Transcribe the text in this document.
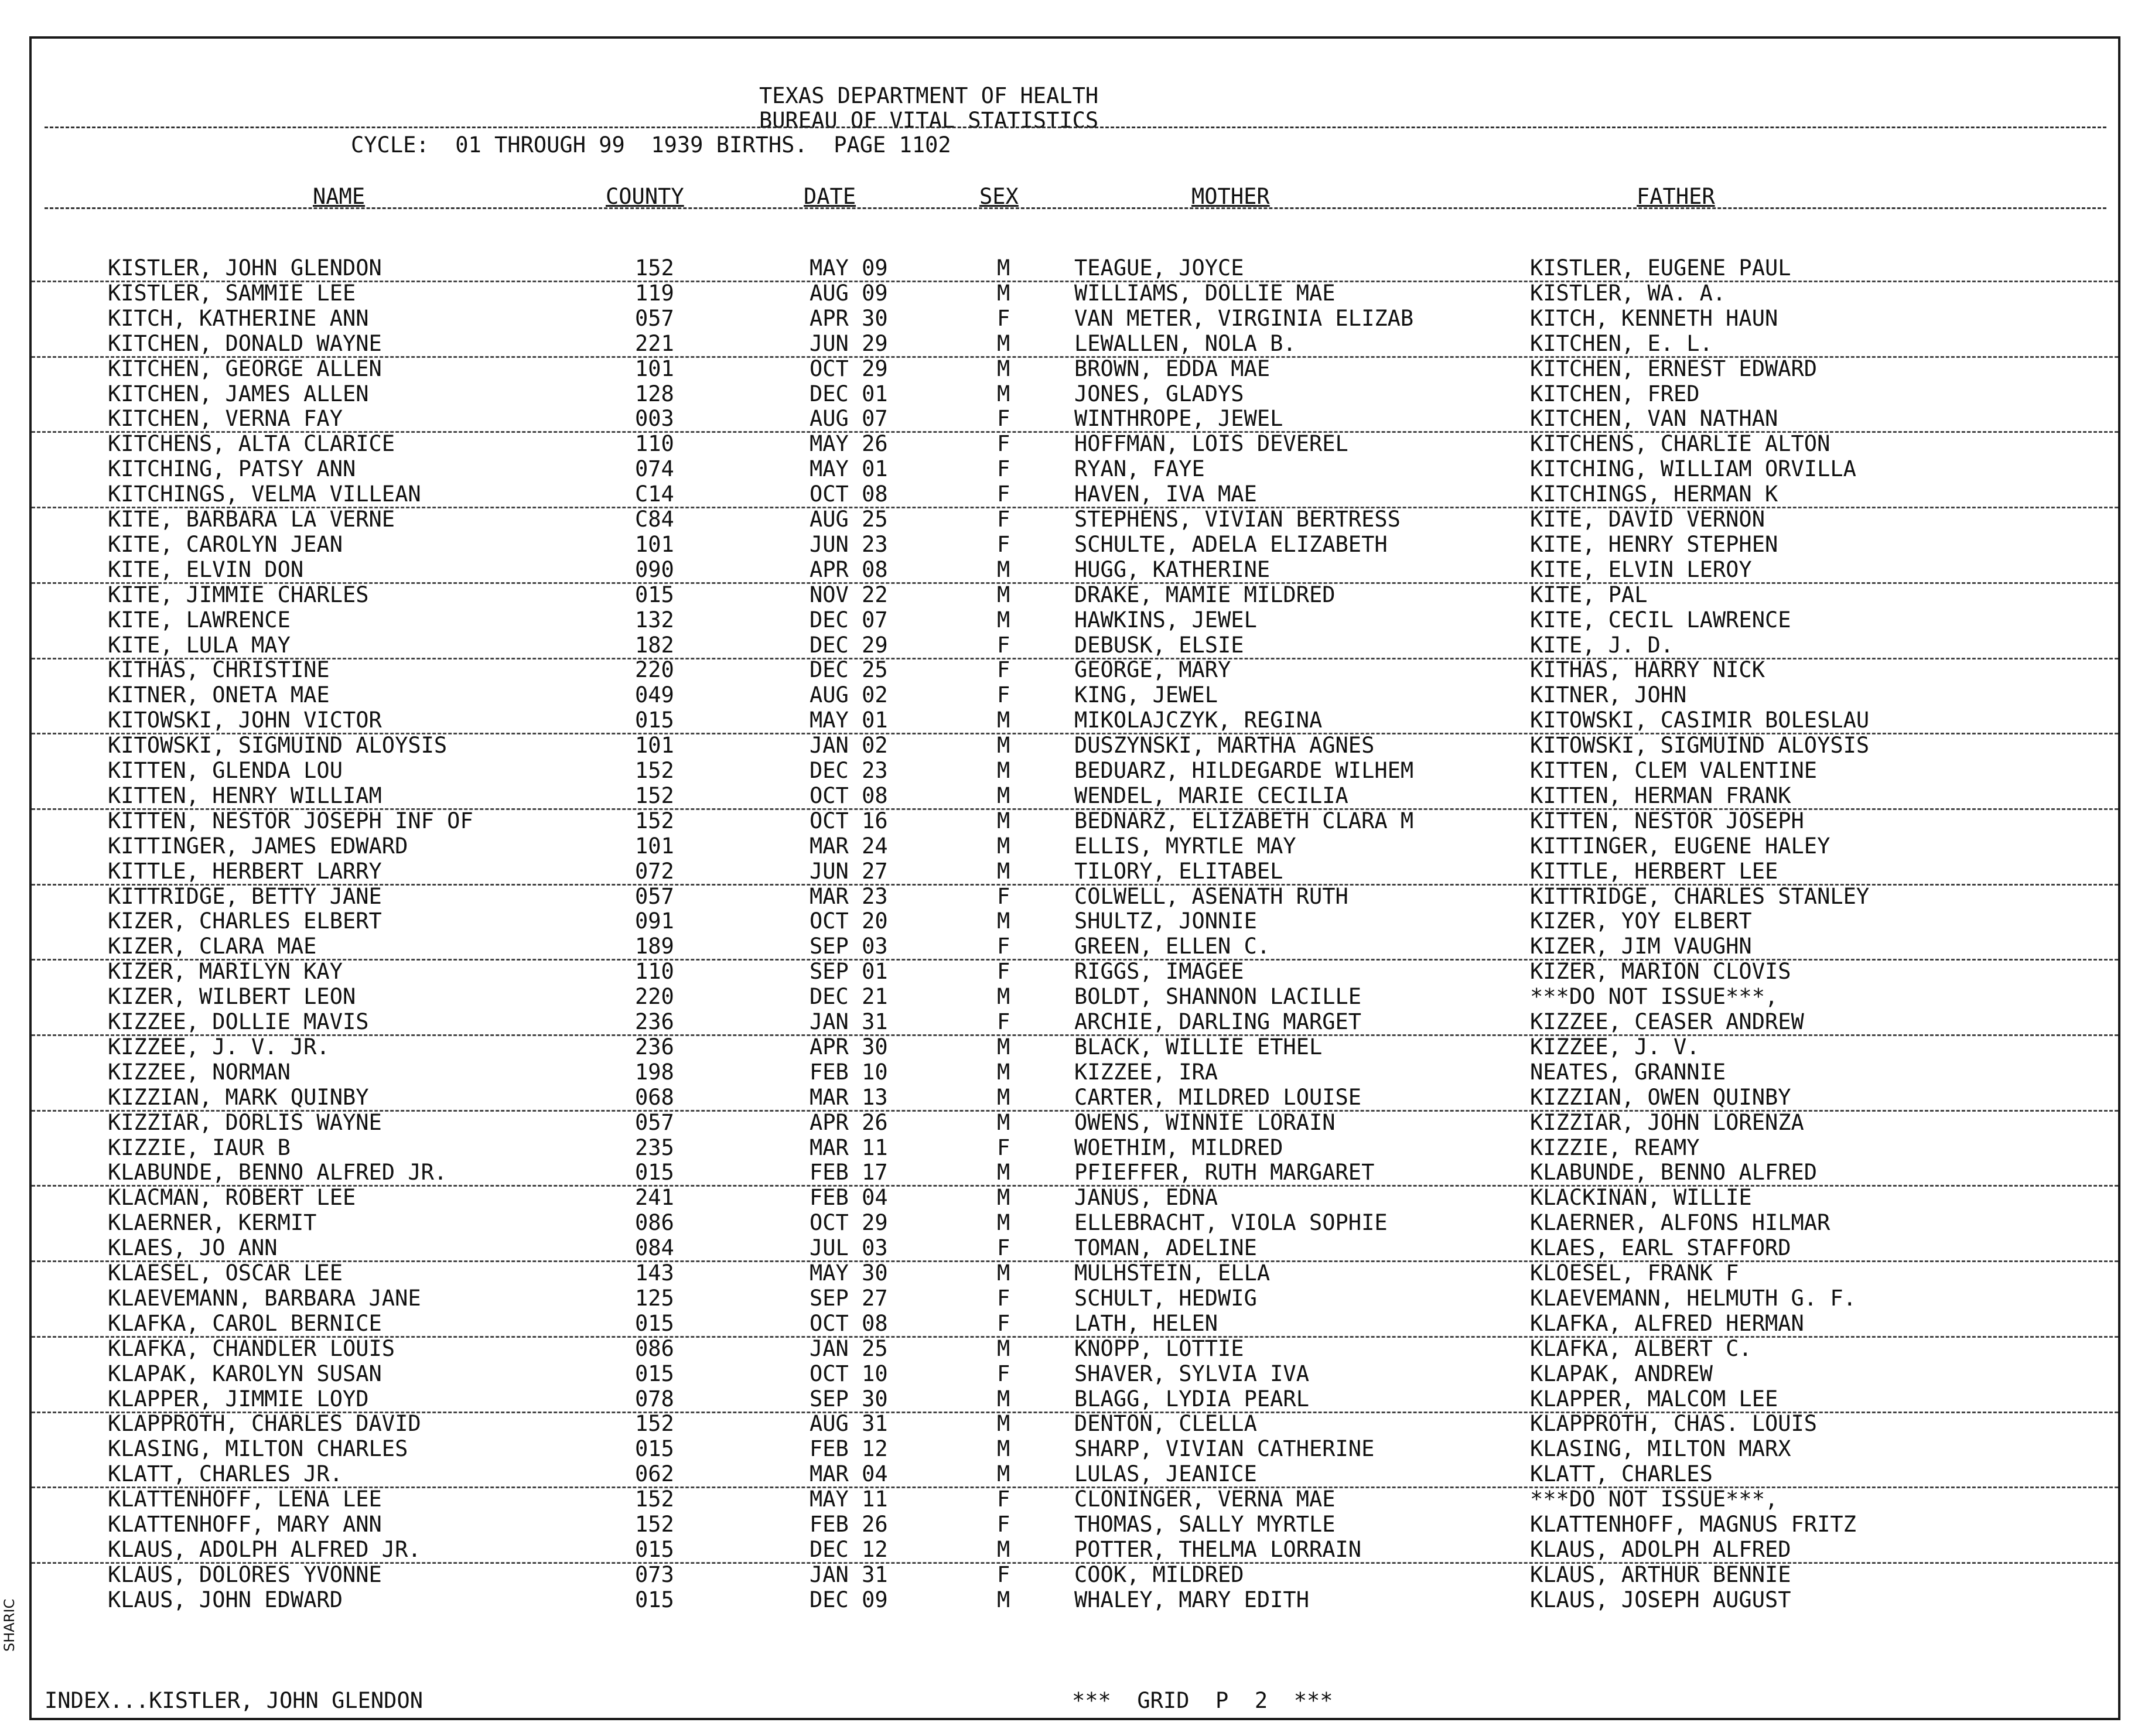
SHARIC
TEXAS DEPARTMENT OF HEALTH
BUREAU OF VITAL STATISTICS
CYCLE:  01 THROUGH 99  1939 BIRTHS.  PAGE 1102
NAME	COUNTY	DATE	SEX	MOTHER	FATHER
KISTLER, JOHN GLENDON	152	MAY 09	M	TEAGUE, JOYCE	KISTLER, EUGENE PAUL
KISTLER, SAMMIE LEE	119	AUG 09	M	WILLIAMS, DOLLIE MAE	KISTLER, WA. A.
KITCH, KATHERINE ANN	057	APR 30	F	VAN METER, VIRGINIA ELIZAB	KITCH, KENNETH HAUN
KITCHEN, DONALD WAYNE	221	JUN 29	M	LEWALLEN, NOLA B.	KITCHEN, E. L.
KITCHEN, GEORGE ALLEN	101	OCT 29	M	BROWN, EDDA MAE	KITCHEN, ERNEST EDWARD
KITCHEN, JAMES ALLEN	128	DEC 01	M	JONES, GLADYS	KITCHEN, FRED
KITCHEN, VERNA FAY	003	AUG 07	F	WINTHROPE, JEWEL	KITCHEN, VAN NATHAN
KITCHENS, ALTA CLARICE	110	MAY 26	F	HOFFMAN, LOIS DEVEREL	KITCHENS, CHARLIE ALTON
KITCHING, PATSY ANN	074	MAY 01	F	RYAN, FAYE	KITCHING, WILLIAM ORVILLA
KITCHINGS, VELMA VILLEAN	C14	OCT 08	F	HAVEN, IVA MAE	KITCHINGS, HERMAN K
KITE, BARBARA LA VERNE	C84	AUG 25	F	STEPHENS, VIVIAN BERTRESS	KITE, DAVID VERNON
KITE, CAROLYN JEAN	101	JUN 23	F	SCHULTE, ADELA ELIZABETH	KITE, HENRY STEPHEN
KITE, ELVIN DON	090	APR 08	M	HUGG, KATHERINE	KITE, ELVIN LEROY
KITE, JIMMIE CHARLES	015	NOV 22	M	DRAKE, MAMIE MILDRED	KITE, PAL
KITE, LAWRENCE	132	DEC 07	M	HAWKINS, JEWEL	KITE, CECIL LAWRENCE
KITE, LULA MAY	182	DEC 29	F	DEBUSK, ELSIE	KITE, J. D.
KITHAS, CHRISTINE	220	DEC 25	F	GEORGE, MARY	KITHAS, HARRY NICK
KITNER, ONETA MAE	049	AUG 02	F	KING, JEWEL	KITNER, JOHN
KITOWSKI, JOHN VICTOR	015	MAY 01	M	MIKOLAJCZYK, REGINA	KITOWSKI, CASIMIR BOLESLAU
KITOWSKI, SIGMUIND ALOYSIS	101	JAN 02	M	DUSZYNSKI, MARTHA AGNES	KITOWSKI, SIGMUIND ALOYSIS
KITTEN, GLENDA LOU	152	DEC 23	M	BEDUARZ, HILDEGARDE WILHEM	KITTEN, CLEM VALENTINE
KITTEN, HENRY WILLIAM	152	OCT 08	M	WENDEL, MARIE CECILIA	KITTEN, HERMAN FRANK
KITTEN, NESTOR JOSEPH INF OF	152	OCT 16	M	BEDNARZ, ELIZABETH CLARA M	KITTEN, NESTOR JOSEPH
KITTINGER, JAMES EDWARD	101	MAR 24	M	ELLIS, MYRTLE MAY	KITTINGER, EUGENE HALEY
KITTLE, HERBERT LARRY	072	JUN 27	M	TILORY, ELITABEL	KITTLE, HERBERT LEE
KITTRIDGE, BETTY JANE	057	MAR 23	F	COLWELL, ASENATH RUTH	KITTRIDGE, CHARLES STANLEY
KIZER, CHARLES ELBERT	091	OCT 20	M	SHULTZ, JONNIE	KIZER, YOY ELBERT
KIZER, CLARA MAE	189	SEP 03	F	GREEN, ELLEN C.	KIZER, JIM VAUGHN
KIZER, MARILYN KAY	110	SEP 01	F	RIGGS, IMAGEE	KIZER, MARION CLOVIS
KIZER, WILBERT LEON	220	DEC 21	M	BOLDT, SHANNON LACILLE	***DO NOT ISSUE***,
KIZZEE, DOLLIE MAVIS	236	JAN 31	F	ARCHIE, DARLING MARGET	KIZZEE, CEASER ANDREW
KIZZEE, J. V. JR.	236	APR 30	M	BLACK, WILLIE ETHEL	KIZZEE, J. V.
KIZZEE, NORMAN	198	FEB 10	M	KIZZEE, IRA	NEATES, GRANNIE
KIZZIAN, MARK QUINBY	068	MAR 13	M	CARTER, MILDRED LOUISE	KIZZIAN, OWEN QUINBY
KIZZIAR, DORLIS WAYNE	057	APR 26	M	OWENS, WINNIE LORAIN	KIZZIAR, JOHN LORENZA
KIZZIE, IAUR B	235	MAR 11	F	WOETHIM, MILDRED	KIZZIE, REAMY
KLABUNDE, BENNO ALFRED JR.	015	FEB 17	M	PFIEFFER, RUTH MARGARET	KLABUNDE, BENNO ALFRED
KLACMAN, ROBERT LEE	241	FEB 04	M	JANUS, EDNA	KLACKINAN, WILLIE
KLAERNER, KERMIT	086	OCT 29	M	ELLEBRACHT, VIOLA SOPHIE	KLAERNER, ALFONS HILMAR
KLAES, JO ANN	084	JUL 03	F	TOMAN, ADELINE	KLAES, EARL STAFFORD
KLAESEL, OSCAR LEE	143	MAY 30	M	MULHSTEIN, ELLA	KLOESEL, FRANK F
KLAEVEMANN, BARBARA JANE	125	SEP 27	F	SCHULT, HEDWIG	KLAEVEMANN, HELMUTH G. F.
KLAFKA, CAROL BERNICE	015	OCT 08	F	LATH, HELEN	KLAFKA, ALFRED HERMAN
KLAFKA, CHANDLER LOUIS	086	JAN 25	M	KNOPP, LOTTIE	KLAFKA, ALBERT C.
KLAPAK, KAROLYN SUSAN	015	OCT 10	F	SHAVER, SYLVIA IVA	KLAPAK, ANDREW
KLAPPER, JIMMIE LOYD	078	SEP 30	M	BLAGG, LYDIA PEARL	KLAPPER, MALCOM LEE
KLAPPROTH, CHARLES DAVID	152	AUG 31	M	DENTON, CLELLA	KLAPPROTH, CHAS. LOUIS
KLASING, MILTON CHARLES	015	FEB 12	M	SHARP, VIVIAN CATHERINE	KLASING, MILTON MARX
KLATT, CHARLES JR.	062	MAR 04	M	LULAS, JEANICE	KLATT, CHARLES
KLATTENHOFF, LENA LEE	152	MAY 11	F	CLONINGER, VERNA MAE	***DO NOT ISSUE***,
KLATTENHOFF, MARY ANN	152	FEB 26	F	THOMAS, SALLY MYRTLE	KLATTENHOFF, MAGNUS FRITZ
KLAUS, ADOLPH ALFRED JR.	015	DEC 12	M	POTTER, THELMA LORRAIN	KLAUS, ADOLPH ALFRED
KLAUS, DOLORES YVONNE	073	JAN 31	F	COOK, MILDRED	KLAUS, ARTHUR BENNIE
KLAUS, JOHN EDWARD	015	DEC 09	M	WHALEY, MARY EDITH	KLAUS, JOSEPH AUGUST
INDEX...KISTLER, JOHN GLENDON	***  GRID  P  2  ***
